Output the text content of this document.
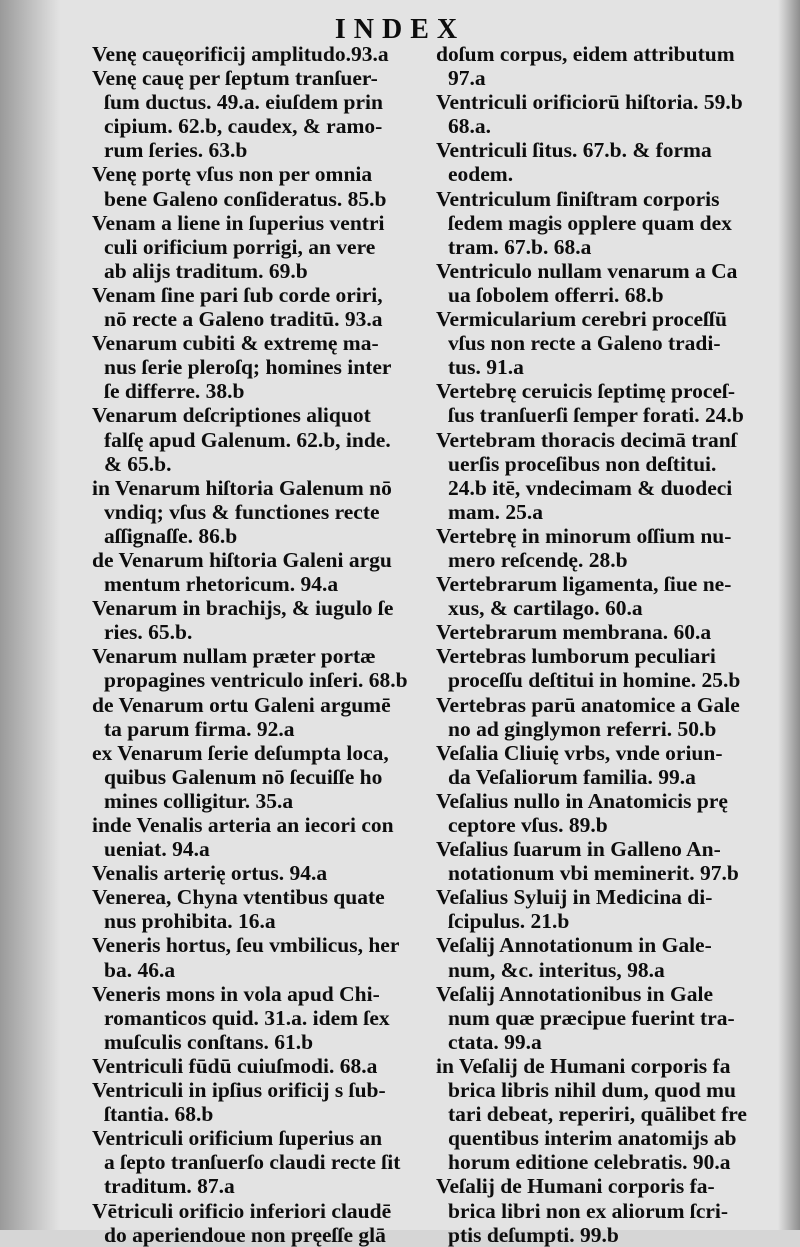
INDEX
Venę cauęorificij amplitudo.93.a
Venę cauę per ſeptum tranſuer-
ſum ductus. 49.a. eiuſdem prin
cipium. 62.b, caudex, & ramo-
rum ſeries. 63.b
Venę portę vſus non per omnia
bene Galeno conſideratus. 85.b
Venam a liene in ſuperius ventri
culi orificium porrigi, an vere
ab alijs traditum. 69.b
Venam ſine pari ſub corde oriri,
nō recte a Galeno traditū. 93.a
Venarum cubiti & extremę ma-
nus ſerie pleroſq; homines inter
ſe differre. 38.b
Venarum deſcriptiones aliquot
falſę apud Galenum. 62.b, inde.
& 65.b.
in Venarum hiſtoria Galenum nō
vndiq; vſus & functiones recte
aſſignaſſe. 86.b
de Venarum hiſtoria Galeni argu
mentum rhetoricum. 94.a
Venarum in brachijs, & iugulo ſe
ries. 65.b.
Venarum nullam præter portæ
propagines ventriculo inſeri. 68.b
de Venarum ortu Galeni argumē
ta parum firma. 92.a
ex Venarum ſerie deſumpta loca,
quibus Galenum nō ſecuiſſe ho
mines colligitur. 35.a
inde Venalis arteria an iecori con
ueniat. 94.a
Venalis arterię ortus. 94.a
Venerea, Chyna vtentibus quate
nus prohibita. 16.a
Veneris hortus, ſeu vmbilicus, her
ba. 46.a
Veneris mons in vola apud Chi-
romanticos quid. 31.a. idem ſex
muſculis conſtans. 61.b
Ventriculi fūdū cuiuſmodi. 68.a
Ventriculi in ipſius orificij s ſub-
ſtantia. 68.b
Ventriculi orificium ſuperius an
a ſepto tranſuerſo claudi recte ſit
traditum. 87.a
Vētriculi orificio inferiori claudē
do aperiendoue non pręeſſe glā
doſum corpus, eidem attributum
97.a
Ventriculi orificiorū hiſtoria. 59.b
68.a.
Ventriculi ſitus. 67.b. & forma
eodem.
Ventriculum ſiniſtram corporis
ſedem magis opplere quam dex
tram. 67.b. 68.a
Ventriculo nullam venarum a Ca
ua ſobolem offerri. 68.b
Vermicularium cerebri proceſſū
vſus non recte a Galeno tradi-
tus. 91.a
Vertebrę ceruicis ſeptimę proceſ-
ſus tranſuerſi ſemper forati. 24.b
Vertebram thoracis decimā tranſ
uerſis proceſibus non deſtitui.
24.b itē, vndecimam & duodeci
mam. 25.a
Vertebrę in minorum oſſium nu-
mero reſcendę. 28.b
Vertebrarum ligamenta, ſiue ne-
xus, & cartilago. 60.a
Vertebrarum membrana. 60.a
Vertebras lumborum peculiari
proceſſu deſtitui in homine. 25.b
Vertebras parū anatomice a Gale
no ad ginglymon referri. 50.b
Veſalia Cliuię vrbs, vnde oriun-
da Veſaliorum familia. 99.a
Veſalius nullo in Anatomicis prę
ceptore vſus. 89.b
Veſalius ſuarum in Galleno An-
notationum vbi meminerit. 97.b
Veſalius Syluij in Medicina di-
ſcipulus. 21.b
Veſalij Annotationum in Gale-
num, &c. interitus, 98.a
Veſalij Annotationibus in Gale
num quæ præcipue fuerint tra-
ctata. 99.a
in Veſalij de Humani corporis fa
brica libris nihil dum, quod mu
tari debeat, reperiri, quālibet fre
quentibus interim anatomijs ab
horum editione celebratis. 90.a
Veſalij de Humani corporis fa-
brica libri non ex aliorum ſcri-
ptis deſumpti. 99.b
